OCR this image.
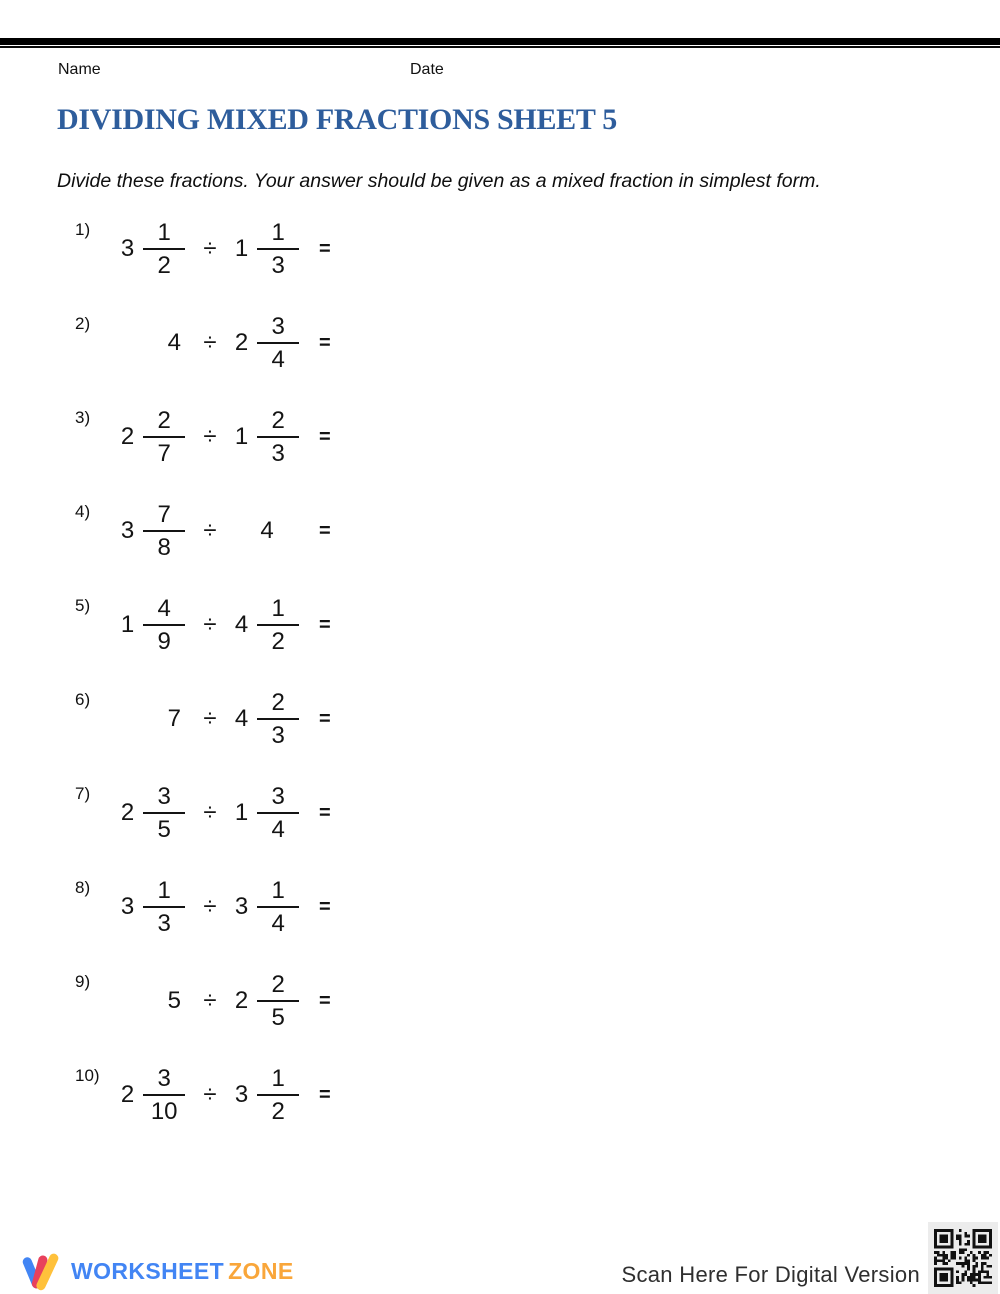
Name	Date
DIVIDING MIXED FRACTIONS SHEET 5

Divide these fractions. Your answer should be given as a mixed fraction in simplest form.

1)
$3 \frac{1}{2} \div 1 \frac{1}{3}$ =
2)
$4 \div 2 \frac{3}{4}$ =
3)
$2 \frac{2}{7} \div 1 \frac{2}{3}$ =
4)
$3 \frac{7}{8}$ ÷	4 =
5)
$1 \frac{4}{9} \div 4 \frac{1}{2}$ =
6)
$7 \div 4 \frac{2}{3}$ =
7)
$2 \frac{3}{5} \div 1 \frac{3}{4}$ =
8)
$3 \frac{1}{3} \div 3 \frac{1}{4}$ =
9)
$5 \div 2 \frac{2}{5}$ =
10)
$2 \frac{3}{10} \div 3 \frac{1}{2}$ =
WORKSHEET ZONE	Scan Here For Digital Version
